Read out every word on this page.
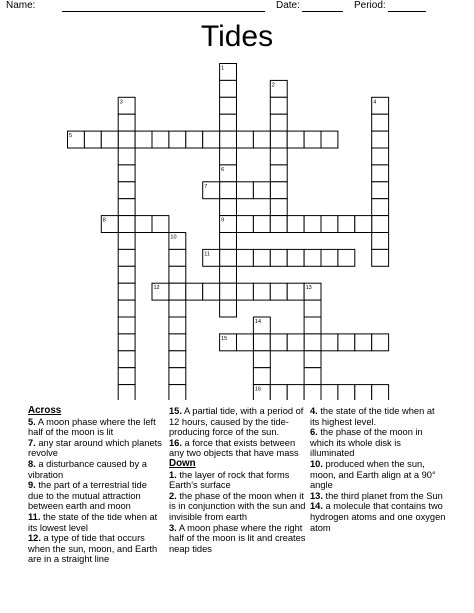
Name:	Date:	Period:
Tides
1
2
3	4
5
6
7
8	9
10
11
12	13
14
15
16
Across
5. A moon phase where the left half of the moon is lit
7. any star around which planets revolve
8. a disturbance caused by a vibration
9. the part of a terrestrial tide due to the mutual attraction between earth and moon
11. the state of the tide when at its lowest level
12. a type of tide that occurs when the sun, moon, and Earth are in a straight line
15. A partial tide, with a period of 12 hours, caused by the tide-producing force of the sun.
16. a force that exists between any two objects that have mass
Down
1. the layer of rock that forms Earth's surface
2. the phase of the moon when it is in conjunction with the sun and invisible from earth
3. A moon phase where the right half of the moon is lit and creates neap tides
4. the state of the tide when at its highest level.
6. the phase of the moon in which its whole disk is illuminated
10. produced when the sun, moon, and Earth align at a 90° angle
13. the third planet from the Sun
14. a molecule that contains two hydrogen atoms and one oxygen atom
